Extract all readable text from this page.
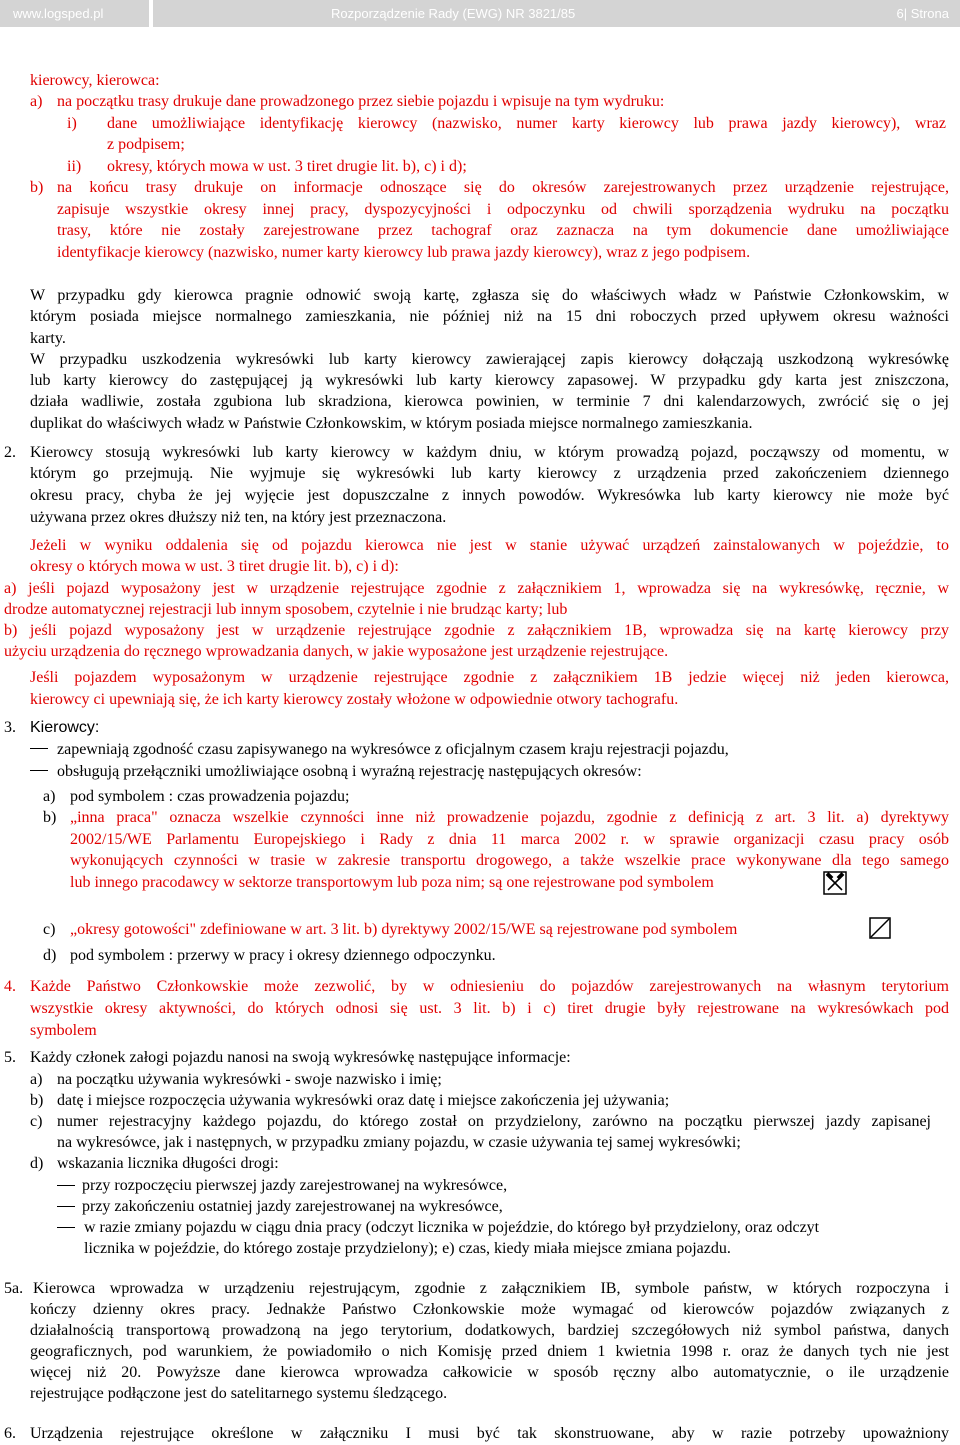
www.logsped.pl	Rozporządzenie Rady (EWG) NR 3821/85	6| Strona
kierowcy, kierowca:
a) na początku trasy drukuje dane prowadzonego przez siebie pojazdu i wpisuje na tym wydruku:
i) dane umożliwiające identyfikację kierowcy (nazwisko, numer karty kierowcy lub prawa jazdy kierowcy), wraz
z podpisem;
ii) okresy, których mowa w ust. 3 tiret drugie lit. b), c) i d);
b) na końcu trasy drukuje on informacje odnoszące się do okresów zarejestrowanych przez urządzenie rejestrujące,
zapisuje wszystkie okresy innej pracy, dyspozycyjności i odpoczynku od chwili sporządzenia wydruku na początku
trasy, które nie zostały zarejestrowane przez tachograf oraz zaznacza na tym dokumencie dane umożliwiające
identyfikacje kierowcy (nazwisko, numer karty kierowcy lub prawa jazdy kierowcy), wraz z jego podpisem.
W przypadku gdy kierowca pragnie odnowić swoją kartę, zgłasza się do właściwych władz w Państwie Członkowskim, w
którym posiada miejsce normalnego zamieszkania, nie później niż na 15 dni roboczych przed upływem okresu ważności
karty.
W przypadku uszkodzenia wykresówki lub karty kierowcy zawierającej zapis kierowcy dołączają uszkodzoną wykresówkę
lub karty kierowcy do zastępującej ją wykresówki lub karty kierowcy zapasowej. W przypadku gdy karta jest zniszczona,
działa wadliwie, została zgubiona lub skradziona, kierowca powinien, w terminie 7 dni kalendarzowych, zwrócić się o jej
duplikat do właściwych władz w Państwie Członkowskim, w którym posiada miejsce normalnego zamieszkania.
2. Kierowcy stosują wykresówki lub karty kierowcy w każdym dniu, w którym prowadzą pojazd, począwszy od momentu, w
którym go przejmują. Nie wyjmuje się wykresówki lub karty kierowcy z urządzenia przed zakończeniem dziennego
okresu pracy, chyba że jej wyjęcie jest dopuszczalne z innych powodów. Wykresówka lub karty kierowcy nie może być
używana przez okres dłuższy niż ten, na który jest przeznaczona.
Jeżeli w wyniku oddalenia się od pojazdu kierowca nie jest w stanie używać urządzeń zainstalowanych w pojeździe, to
okresy o których mowa w ust. 3 tiret drugie lit. b), c) i d):
a) jeśli pojazd wyposażony jest w urządzenie rejestrujące zgodnie z załącznikiem 1, wprowadza się na wykresówkę, ręcznie, w
drodze automatycznej rejestracji lub innym sposobem, czytelnie i nie brudząc karty; lub
b) jeśli pojazd wyposażony jest w urządzenie rejestrujące zgodnie z załącznikiem 1B, wprowadza się na kartę kierowcy przy
użyciu urządzenia do ręcznego wprowadzania danych, w jakie wyposażone jest urządzenie rejestrujące.
Jeśli pojazdem wyposażonym w urządzenie rejestrujące zgodnie z załącznikiem 1B jedzie więcej niż jeden kierowca,
kierowcy ci upewniają się, że ich karty kierowcy zostały włożone w odpowiednie otwory tachografu.
3. Kierowcy:
zapewniają zgodność czasu zapisywanego na wykresówce z oficjalnym czasem kraju rejestracji pojazdu,
obsługują przełączniki umożliwiające osobną i wyraźną rejestrację następujących okresów:
a) pod symbolem : czas prowadzenia pojazdu;
b) „inna praca" oznacza wszelkie czynności inne niż prowadzenie pojazdu, zgodnie z definicją z art. 3 lit. a) dyrektywy
2002/15/WE Parlamentu Europejskiego i Rady z dnia 11 marca 2002 r. w sprawie organizacji czasu pracy osób
wykonujących czynności w trasie w zakresie transportu drogowego, a także wszelkie prace wykonywane dla tego samego
lub innego pracodawcy w sektorze transportowym lub poza nim; są one rejestrowane pod symbolem
c) „okresy gotowości" zdefiniowane w art. 3 lit. b) dyrektywy 2002/15/WE są rejestrowane pod symbolem
d) pod symbolem : przerwy w pracy i okresy dziennego odpoczynku.
4. Każde Państwo Członkowskie może zezwolić, by w odniesieniu do pojazdów zarejestrowanych na własnym terytorium
wszystkie okresy aktywności, do których odnosi się ust. 3 lit. b) i c) tiret drugie były rejestrowane na wykresówkach pod
symbolem
5. Każdy członek załogi pojazdu nanosi na swoją wykresówkę następujące informacje:
a) na początku używania wykresówki - swoje nazwisko i imię;
b) datę i miejsce rozpoczęcia używania wykresówki oraz datę i miejsce zakończenia jej używania;
c) numer rejestracyjny każdego pojazdu, do którego został on przydzielony, zarówno na początku pierwszej jazdy zapisanej
na wykresówce, jak i następnych, w przypadku zmiany pojazdu, w czasie używania tej samej wykresówki;
d) wskazania licznika długości drogi:
przy rozpoczęciu pierwszej jazdy zarejestrowanej na wykresówce,
przy zakończeniu ostatniej jazdy zarejestrowanej na wykresówce,
w razie zmiany pojazdu w ciągu dnia pracy (odczyt licznika w pojeździe, do którego był przydzielony, oraz odczyt
licznika w pojeździe, do którego zostaje przydzielony); e) czas, kiedy miała miejsce zmiana pojazdu.
5a. Kierowca wprowadza w urządzeniu rejestrującym, zgodnie z załącznikiem IB, symbole państw, w których rozpoczyna i
kończy dzienny okres pracy. Jednakże Państwo Członkowskie może wymagać od kierowców pojazdów związanych z
działalnością transportową prowadzoną na jego terytorium, dodatkowych, bardziej szczegółowych niż symbol państwa, danych
geograficznych, pod warunkiem, że powiadomiło o nich Komisję przed dniem 1 kwietnia 1998 r. oraz że danych tych nie jest
więcej niż 20. Powyższe dane kierowca wprowadza całkowicie w sposób ręczny albo automatycznie, o ile urządzenie
rejestrujące podłączone jest do satelitarnego systemu śledzącego.
6. Urządzenia rejestrujące określone w załączniku I musi być tak skonstruowane, aby w razie potrzeby upoważniony
